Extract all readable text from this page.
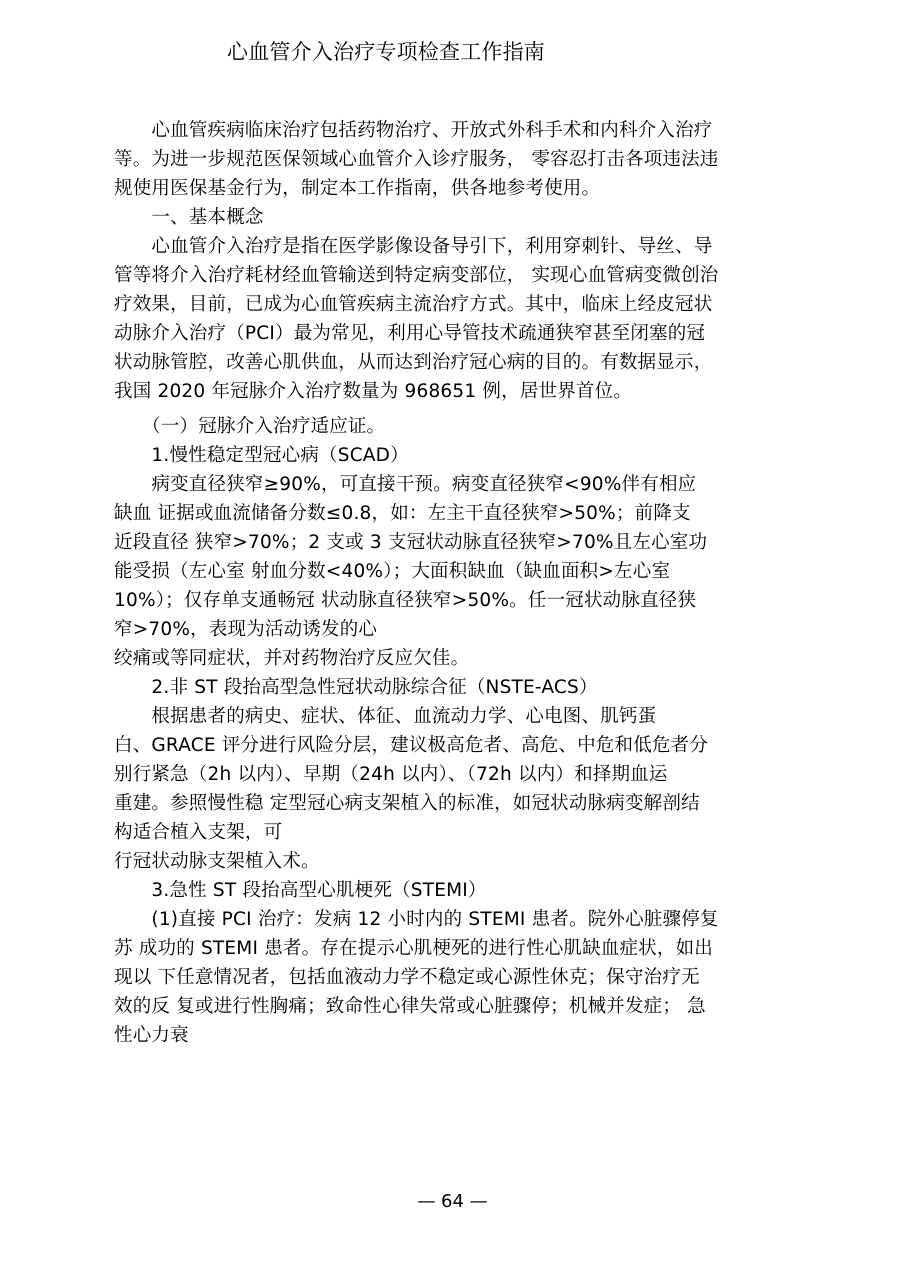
心血管介入治疗专项检查工作指南
　　心血管疾病临床治疗包括药物治疗、开放式外科手术和内科介入治疗
等。为进一步规范医保领域心血管介入诊疗服务， 零容忍打击各项违法违
规使用医保基金行为，制定本工作指南，供各地参考使用。
　　一、基本概念
　　心血管介入治疗是指在医学影像设备导引下，利用穿刺针、导丝、导
管等将介入治疗耗材经血管输送到特定病变部位， 实现心血管病变微创治
疗效果，目前，已成为心血管疾病主流治疗方式。其中，临床上经皮冠状
动脉介入治疗（PCI）最为常见，利用心导管技术疏通狭窄甚至闭塞的冠
状动脉管腔，改善心肌供血，从而达到治疗冠心病的目的。有数据显示，
我国 2020 年冠脉介入治疗数量为 968651 例，居世界首位。
　　（一）冠脉介入治疗适应证。
　　1.慢性稳定型冠心病（SCAD）
　　病变直径狭窄≥90%，可直接干预。病变直径狭窄<90%伴有相应
缺血 证据或血流储备分数≤0.8，如：左主干直径狭窄>50%；前降支
近段直径 狭窄>70%；2 支或 3 支冠状动脉直径狭窄>70%且左心室功
能受损（左心室 射血分数<40%）；大面积缺血（缺血面积>左心室
10%）；仅存单支通畅冠 状动脉直径狭窄>50%。任一冠状动脉直径狭
窄>70%，表现为活动诱发的心
绞痛或等同症状，并对药物治疗反应欠佳。
　　2.非 ST 段抬高型急性冠状动脉综合征（NSTE-ACS）
　　根据患者的病史、症状、体征、血流动力学、心电图、肌钙蛋
白、GRACE 评分进行风险分层，建议极高危者、高危、中危和低危者分
别行紧急（2h 以内）、早期（24h 以内）、（72h 以内）和择期血运
重建。参照慢性稳 定型冠心病支架植入的标准，如冠状动脉病变解剖结
构适合植入支架，可
行冠状动脉支架植入术。
　　3.急性 ST 段抬高型心肌梗死（STEMI）
　　(1)直接 PCI 治疗：发病 12 小时内的 STEMI 患者。院外心脏骤停复
苏 成功的 STEMI 患者。存在提示心肌梗死的进行性心肌缺血症状，如出
现以 下任意情况者，包括血液动力学不稳定或心源性休克；保守治疗无
效的反 复或进行性胸痛；致命性心律失常或心脏骤停；机械并发症； 急
性心力衰
— 64 —
